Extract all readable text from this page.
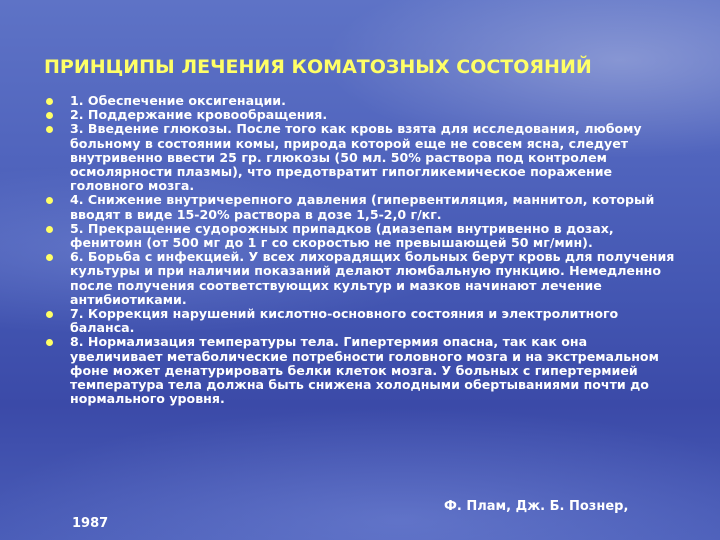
ПРИНЦИПЫ ЛЕЧЕНИЯ КОМАТОЗНЫХ СОСТОЯНИЙ
1. Обеспечение оксигенации.
2. Поддержание кровообращения.
3. Введение глюкозы. После того как кровь взята для исследования, любому больному в состоянии комы, природа которой еще не совсем ясна, следует внутривенно ввести 25 гр. глюкозы (50 мл. 50% раствора под контролем осмолярности плазмы), что предотвратит гипогликемическое поражение головного мозга.
4. Снижение внутричерепного давления (гипервентиляция, маннитол, который вводят в виде 15-20% раствора в дозе 1,5-2,0 г/кг.
5. Прекращение судорожных припадков (диазепам внутривенно в дозах, фенитоин (от 500 мг до 1 г со скоростью не превышающей 50 мг/мин).
6. Борьба с инфекцией. У всех лихорадящих больных берут кровь для получения культуры и при наличии показаний делают люмбальную пункцию. Немедленно после получения соответствующих культур и мазков начинают лечение антибиотиками.
7. Коррекция нарушений кислотно-основного состояния и электролитного баланса.
8. Нормализация температуры тела. Гипертермия опасна, так как она увеличивает метаболические потребности головного мозга и на экстремальном фоне может денатурировать белки клеток мозга. У больных с гипертермией температура тела должна быть снижена холодными обертываниями почти до нормального уровня.
Ф. Плам, Дж. Б. Познер,
1987
